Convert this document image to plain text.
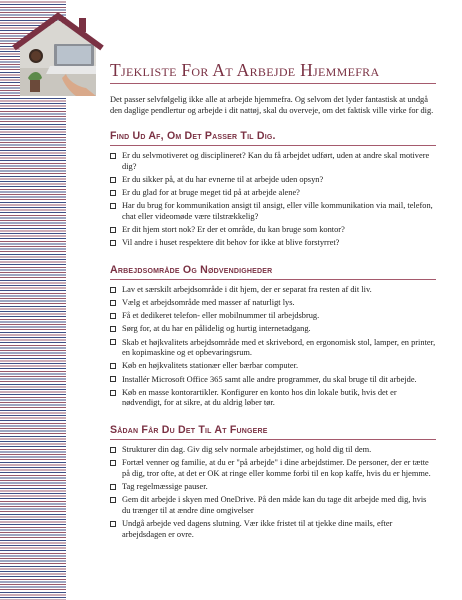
Tjekliste For At Arbejde Hjemmefra

Det passer selvfølgelig ikke alle at arbejde hjemmefra. Og selvom det lyder fantastisk at undgå den daglige pendlertur og arbejde i dit nattøj, skal du overveje, om det faktisk ville virke for dig.

Find Ud Af, Om Det Passer Til Dig.
Er du selvmotiveret og disciplineret? Kan du få arbejdet udført, uden at andre skal motivere dig?
Er du sikker på, at du har evnerne til at arbejde uden opsyn?
Er du glad for at bruge meget tid på at arbejde alene?
Har du brug for kommunikation ansigt til ansigt, eller ville kommunikation via mail, telefon, chat eller videomøde være tilstrækkelig?
Er dit hjem stort nok? Er der et område, du kan bruge som kontor?
Vil andre i huset respektere dit behov for ikke at blive forstyrret?
Arbejdsområde Og Nødvendigheder
Lav et særskilt arbejdsområde i dit hjem, der er separat fra resten af dit liv.
Vælg et arbejdsområde med masser af naturligt lys.
Få et dedikeret telefon- eller mobilnummer til arbejdsbrug.
Sørg for, at du har en pålidelig og hurtig internetadgang.
Skab et højkvalitets arbejdsområde med et skrivebord, en ergonomisk stol, lamper, en printer, en kopimaskine og et opbevaringsrum.
Køb en højkvalitets stationær eller bærbar computer.
Installér Microsoft Office 365 samt alle andre programmer, du skal bruge til dit arbejde.
Køb en masse kontorartikler. Konfigurer en konto hos din lokale butik, hvis det er nødvendigt, for at sikre, at du aldrig løber tør.
Sådan Får Du Det Til At Fungere
Strukturer din dag. Giv dig selv normale arbejdstimer, og hold dig til dem.
Fortæl venner og familie, at du er "på arbejde" i dine arbejdstimer. De personer, der er tætte på dig, tror ofte, at det er OK at ringe eller komme forbi til en kop kaffe, hvis du er hjemme.
Tag regelmæssige pauser.
Gem dit arbejde i skyen med OneDrive. På den måde kan du tage dit arbejde med dig, hvis du trænger til at ændre dine omgivelser
Undgå arbejde ved dagens slutning. Vær ikke fristet til at tjekke dine mails, efter arbejdsdagen er ovre.
